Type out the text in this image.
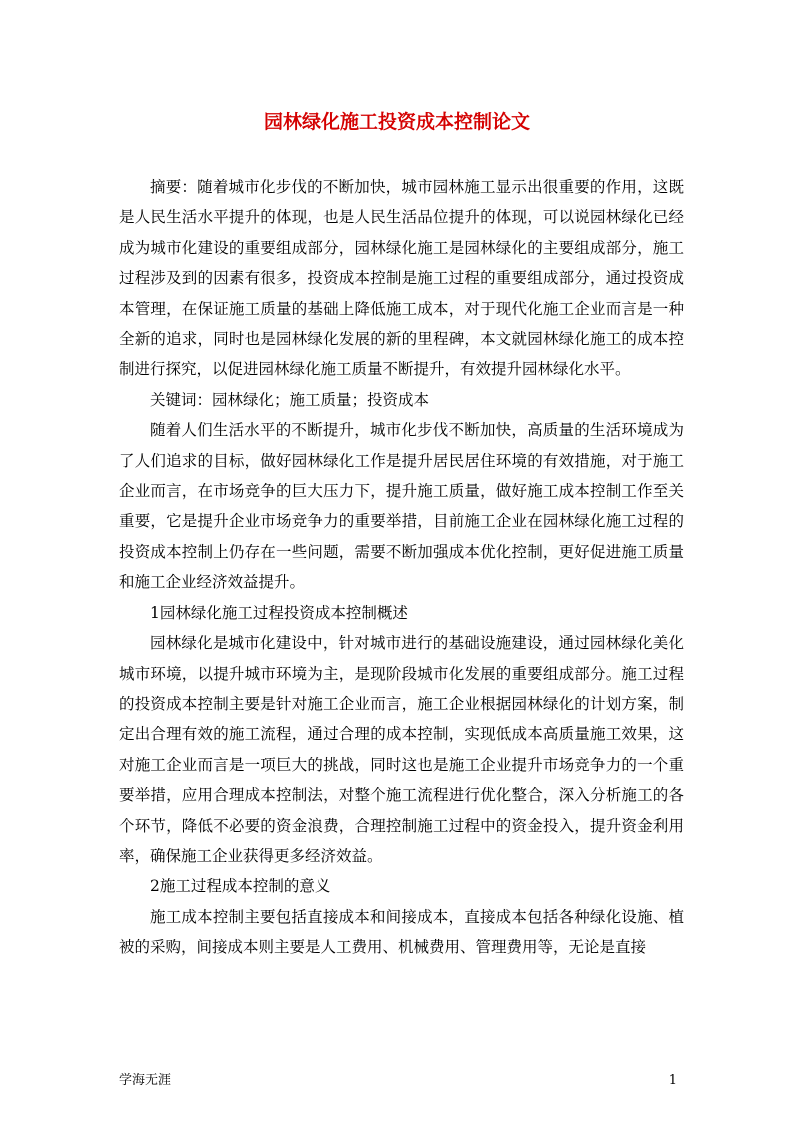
园林绿化施工投资成本控制论文

摘要：随着城市化步伐的不断加快，城市园林施工显示出很重要的作用，这既是人民生活水平提升的体现，也是人民生活品位提升的体现，可以说园林绿化已经成为城市化建设的重要组成部分，园林绿化施工是园林绿化的主要组成部分，施工过程涉及到的因素有很多，投资成本控制是施工过程的重要组成部分，通过投资成本管理，在保证施工质量的基础上降低施工成本，对于现代化施工企业而言是一种全新的追求，同时也是园林绿化发展的新的里程碑，本文就园林绿化施工的成本控制进行探究，以促进园林绿化施工质量不断提升，有效提升园林绿化水平。

关键词：园林绿化；施工质量；投资成本

随着人们生活水平的不断提升，城市化步伐不断加快，高质量的生活环境成为了人们追求的目标，做好园林绿化工作是提升居民居住环境的有效措施，对于施工企业而言，在市场竞争的巨大压力下，提升施工质量，做好施工成本控制工作至关重要，它是提升企业市场竞争力的重要举措，目前施工企业在园林绿化施工过程的投资成本控制上仍存在一些问题，需要不断加强成本优化控制，更好促进施工质量和施工企业经济效益提升。

1园林绿化施工过程投资成本控制概述

园林绿化是城市化建设中，针对城市进行的基础设施建设，通过园林绿化美化城市环境，以提升城市环境为主，是现阶段城市化发展的重要组成部分。施工过程的投资成本控制主要是针对施工企业而言，施工企业根据园林绿化的计划方案，制定出合理有效的施工流程，通过合理的成本控制，实现低成本高质量施工效果，这对施工企业而言是一项巨大的挑战，同时这也是施工企业提升市场竞争力的一个重要举措，应用合理成本控制法，对整个施工流程进行优化整合，深入分析施工的各个环节，降低不必要的资金浪费，合理控制施工过程中的资金投入，提升资金利用率，确保施工企业获得更多经济效益。

2施工过程成本控制的意义

施工成本控制主要包括直接成本和间接成本，直接成本包括各种绿化设施、植被的采购，间接成本则主要是人工费用、机械费用、管理费用等，无论是直接

学海无涯	1
